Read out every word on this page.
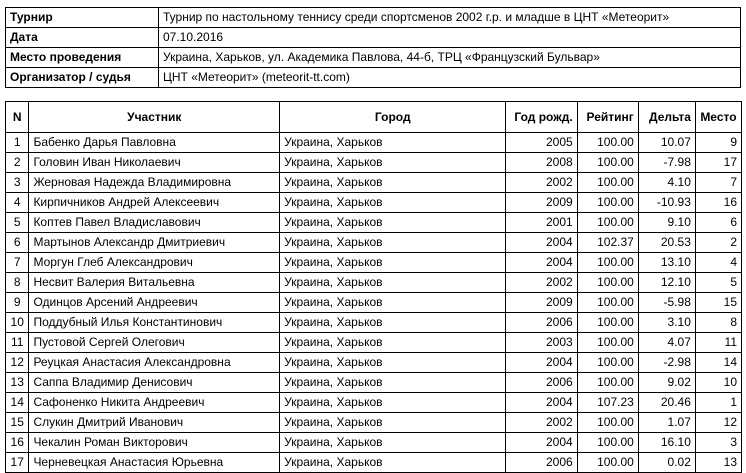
Турнир	Турнир по настольному теннису среди спортсменов 2002 г.р. и младше в ЦНТ «Метеорит»
Дата	07.10.2016
Место проведения	Украина, Харьков, ул. Академика Павлова, 44-б, ТРЦ «Французский Бульвар»
Организатор / судья	ЦНТ «Метеорит» (meteorit-tt.com)
N	Участник	Город	Год рожд.	Рейтинг	Дельта	Место
1	Бабенко Дарья Павловна	Украина, Харьков	2005	100.00	10.07	9
2	Головин Иван Николаевич	Украина, Харьков	2008	100.00	-7.98	17
3	Жерновая Надежда Владимировна	Украина, Харьков	2002	100.00	4.10	7
4	Кирпичников Андрей Алексеевич	Украина, Харьков	2009	100.00	-10.93	16
5	Коптев Павел Владиславович	Украина, Харьков	2001	100.00	9.10	6
6	Мартынов Александр Дмитриевич	Украина, Харьков	2004	102.37	20.53	2
7	Моргун Глеб Александрович	Украина, Харьков	2004	100.00	13.10	4
8	Несвит Валерия Витальевна	Украина, Харьков	2002	100.00	12.10	5
9	Одинцов Арсений Андреевич	Украина, Харьков	2009	100.00	-5.98	15
10	Поддубный Илья Константинович	Украина, Харьков	2006	100.00	3.10	8
11	Пустовой Сергей Олегович	Украина, Харьков	2003	100.00	4.07	11
12	Реуцкая Анастасия Александровна	Украина, Харьков	2004	100.00	-2.98	14
13	Саппа Владимир Денисович	Украина, Харьков	2006	100.00	9.02	10
14	Сафоненко Никита Андреевич	Украина, Харьков	2004	107.23	20.46	1
15	Слукин Дмитрий Иванович	Украина, Харьков	2002	100.00	1.07	12
16	Чекалин Роман Викторович	Украина, Харьков	2004	100.00	16.10	3
17	Черневецкая Анастасия Юрьевна	Украина, Харьков	2006	100.00	0.02	13
